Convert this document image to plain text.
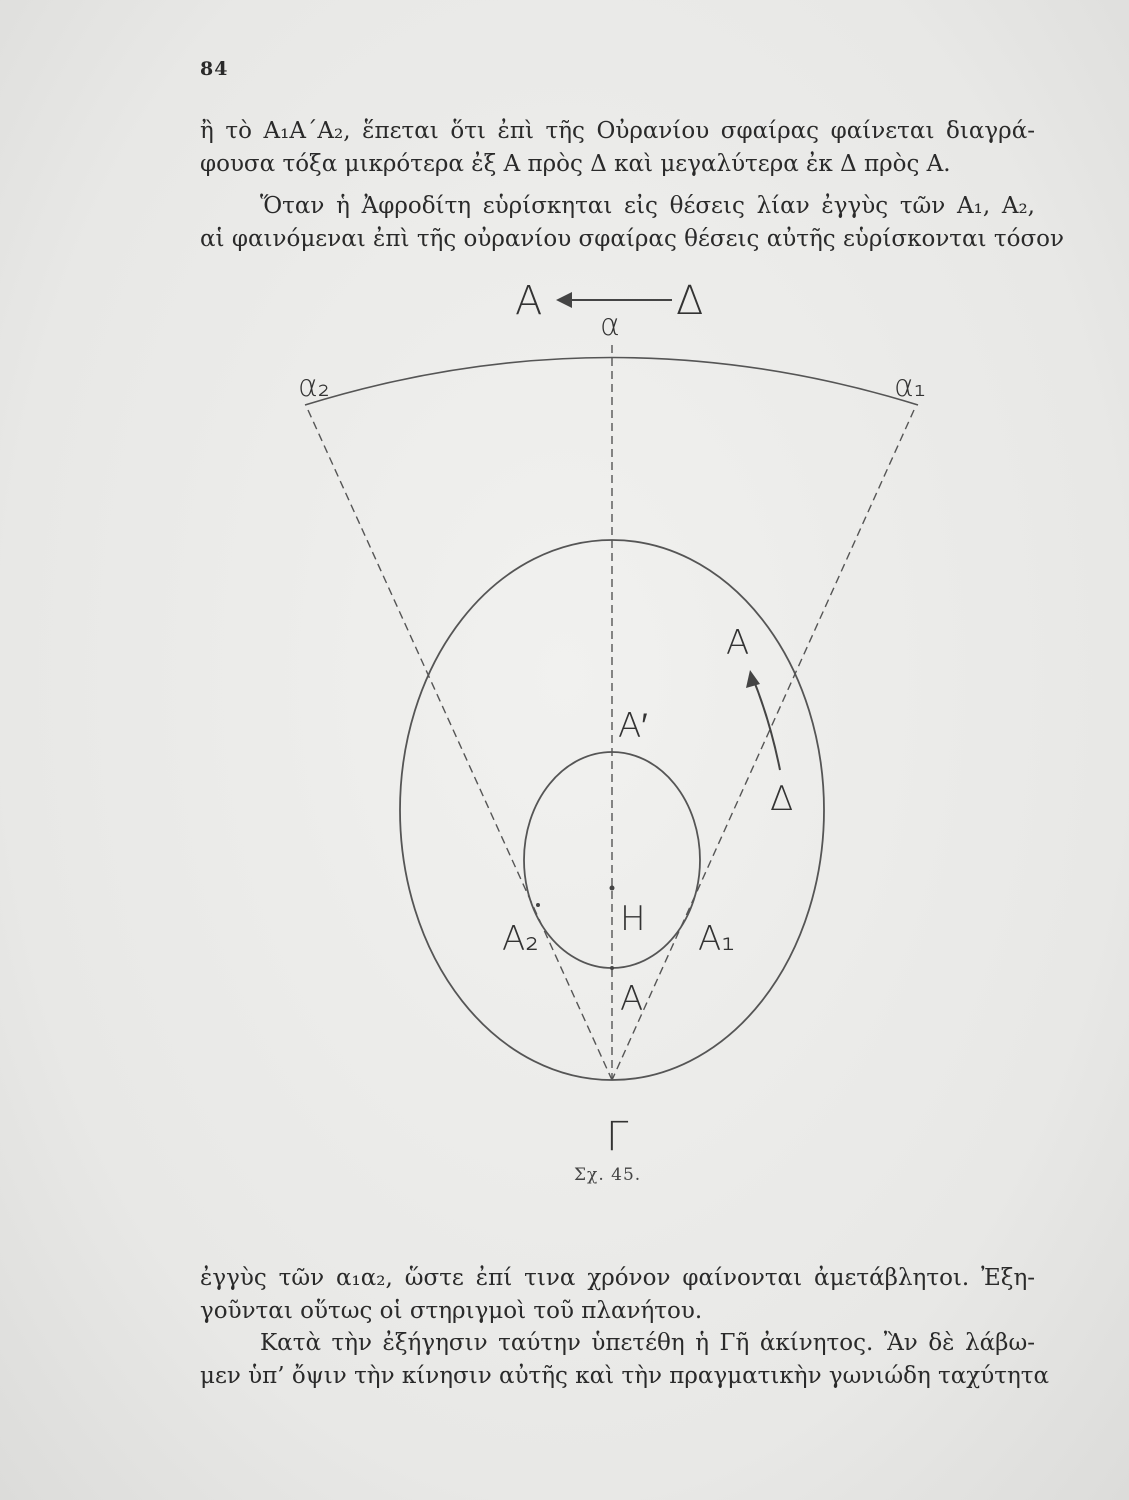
84

ἢ τὸ Α₁Α΄Α₂, ἕπεται ὅτι ἐπὶ τῆς Οὐρανίου σφαίρας φαίνεται διαγρά-
φουσα τόξα μικρότερα ἐξ Α πρὸς Δ καὶ μεγαλύτερα ἐκ Δ πρὸς Α.

Ὅταν ἡ Ἀφροδίτη εὑρίσκηται εἰς θέσεις λίαν ἐγγὺς τῶν Α₁, Α₂,
αἱ φαινόμεναι ἐπὶ τῆς οὐρανίου σφαίρας θέσεις αὐτῆς εὑρίσκονται τόσον

Α	Δ
α
α₂	α₁
Α
Δ
Α′
Η
Α₂	Α₁
Α
Γ
Σχ. 45.

ἐγγὺς τῶν α₁α₂, ὥστε ἐπί τινα χρόνον φαίνονται ἀμετάβλητοι. Ἐξη-
γοῦνται οὕτως οἱ στηριγμοὶ τοῦ πλανήτου.

Κατὰ τὴν ἐξήγησιν ταύτην ὑπετέθη ἡ Γῆ ἀκίνητος. Ἂν δὲ λάβω-
μεν ὑπ’ ὄψιν τὴν κίνησιν αὐτῆς καὶ τὴν πραγματικὴν γωνιώδη ταχύτητα
